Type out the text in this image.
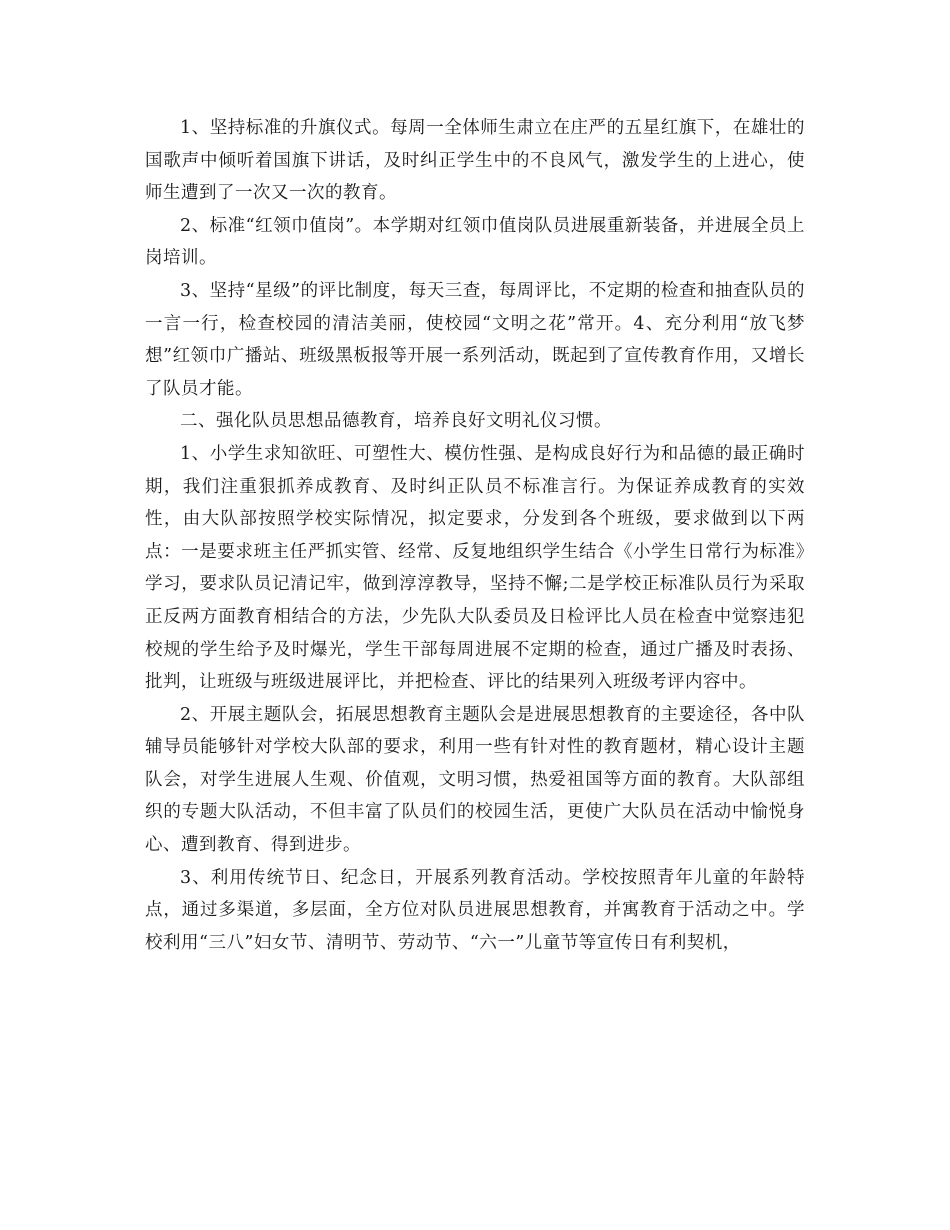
1、坚持标准的升旗仪式。每周一全体师生肃立在庄严的五星红旗下，在雄壮的国歌声中倾听着国旗下讲话，及时纠正学生中的不良风气，激发学生的上进心，使师生遭到了一次又一次的教育。

2、标准“红领巾值岗”。本学期对红领巾值岗队员进展重新装备，并进展全员上岗培训。

3、坚持“星级”的评比制度，每天三查，每周评比，不定期的检查和抽查队员的一言一行，检查校园的清洁美丽，使校园“文明之花”常开。4、充分利用“放飞梦想”红领巾广播站、班级黑板报等开展一系列活动，既起到了宣传教育作用，又增长了队员才能。

二、强化队员思想品德教育，培养良好文明礼仪习惯。

1、小学生求知欲旺、可塑性大、模仿性强、是构成良好行为和品德的最正确时期，我们注重狠抓养成教育、及时纠正队员不标准言行。为保证养成教育的实效性，由大队部按照学校实际情况，拟定要求，分发到各个班级，要求做到以下两点：一是要求班主任严抓实管、经常、反复地组织学生结合《小学生日常行为标准》学习，要求队员记清记牢，做到淳淳教导，坚持不懈;二是学校正标准队员行为采取正反两方面教育相结合的方法，少先队大队委员及日检评比人员在检查中觉察违犯校规的学生给予及时爆光，学生干部每周进展不定期的检查，通过广播及时表扬、批判，让班级与班级进展评比，并把检查、评比的结果列入班级考评内容中。

2、开展主题队会，拓展思想教育主题队会是进展思想教育的主要途径，各中队辅导员能够针对学校大队部的要求，利用一些有针对性的教育题材，精心设计主题队会，对学生进展人生观、价值观，文明习惯，热爱祖国等方面的教育。大队部组织的专题大队活动，不但丰富了队员们的校园生活，更使广大队员在活动中愉悦身心、遭到教育、得到进步。

3、利用传统节日、纪念日，开展系列教育活动。学校按照青年儿童的年龄特点，通过多渠道，多层面，全方位对队员进展思想教育，并寓教育于活动之中。学校利用“三八”妇女节、清明节、劳动节、“六一”儿童节等宣传日有利契机，
